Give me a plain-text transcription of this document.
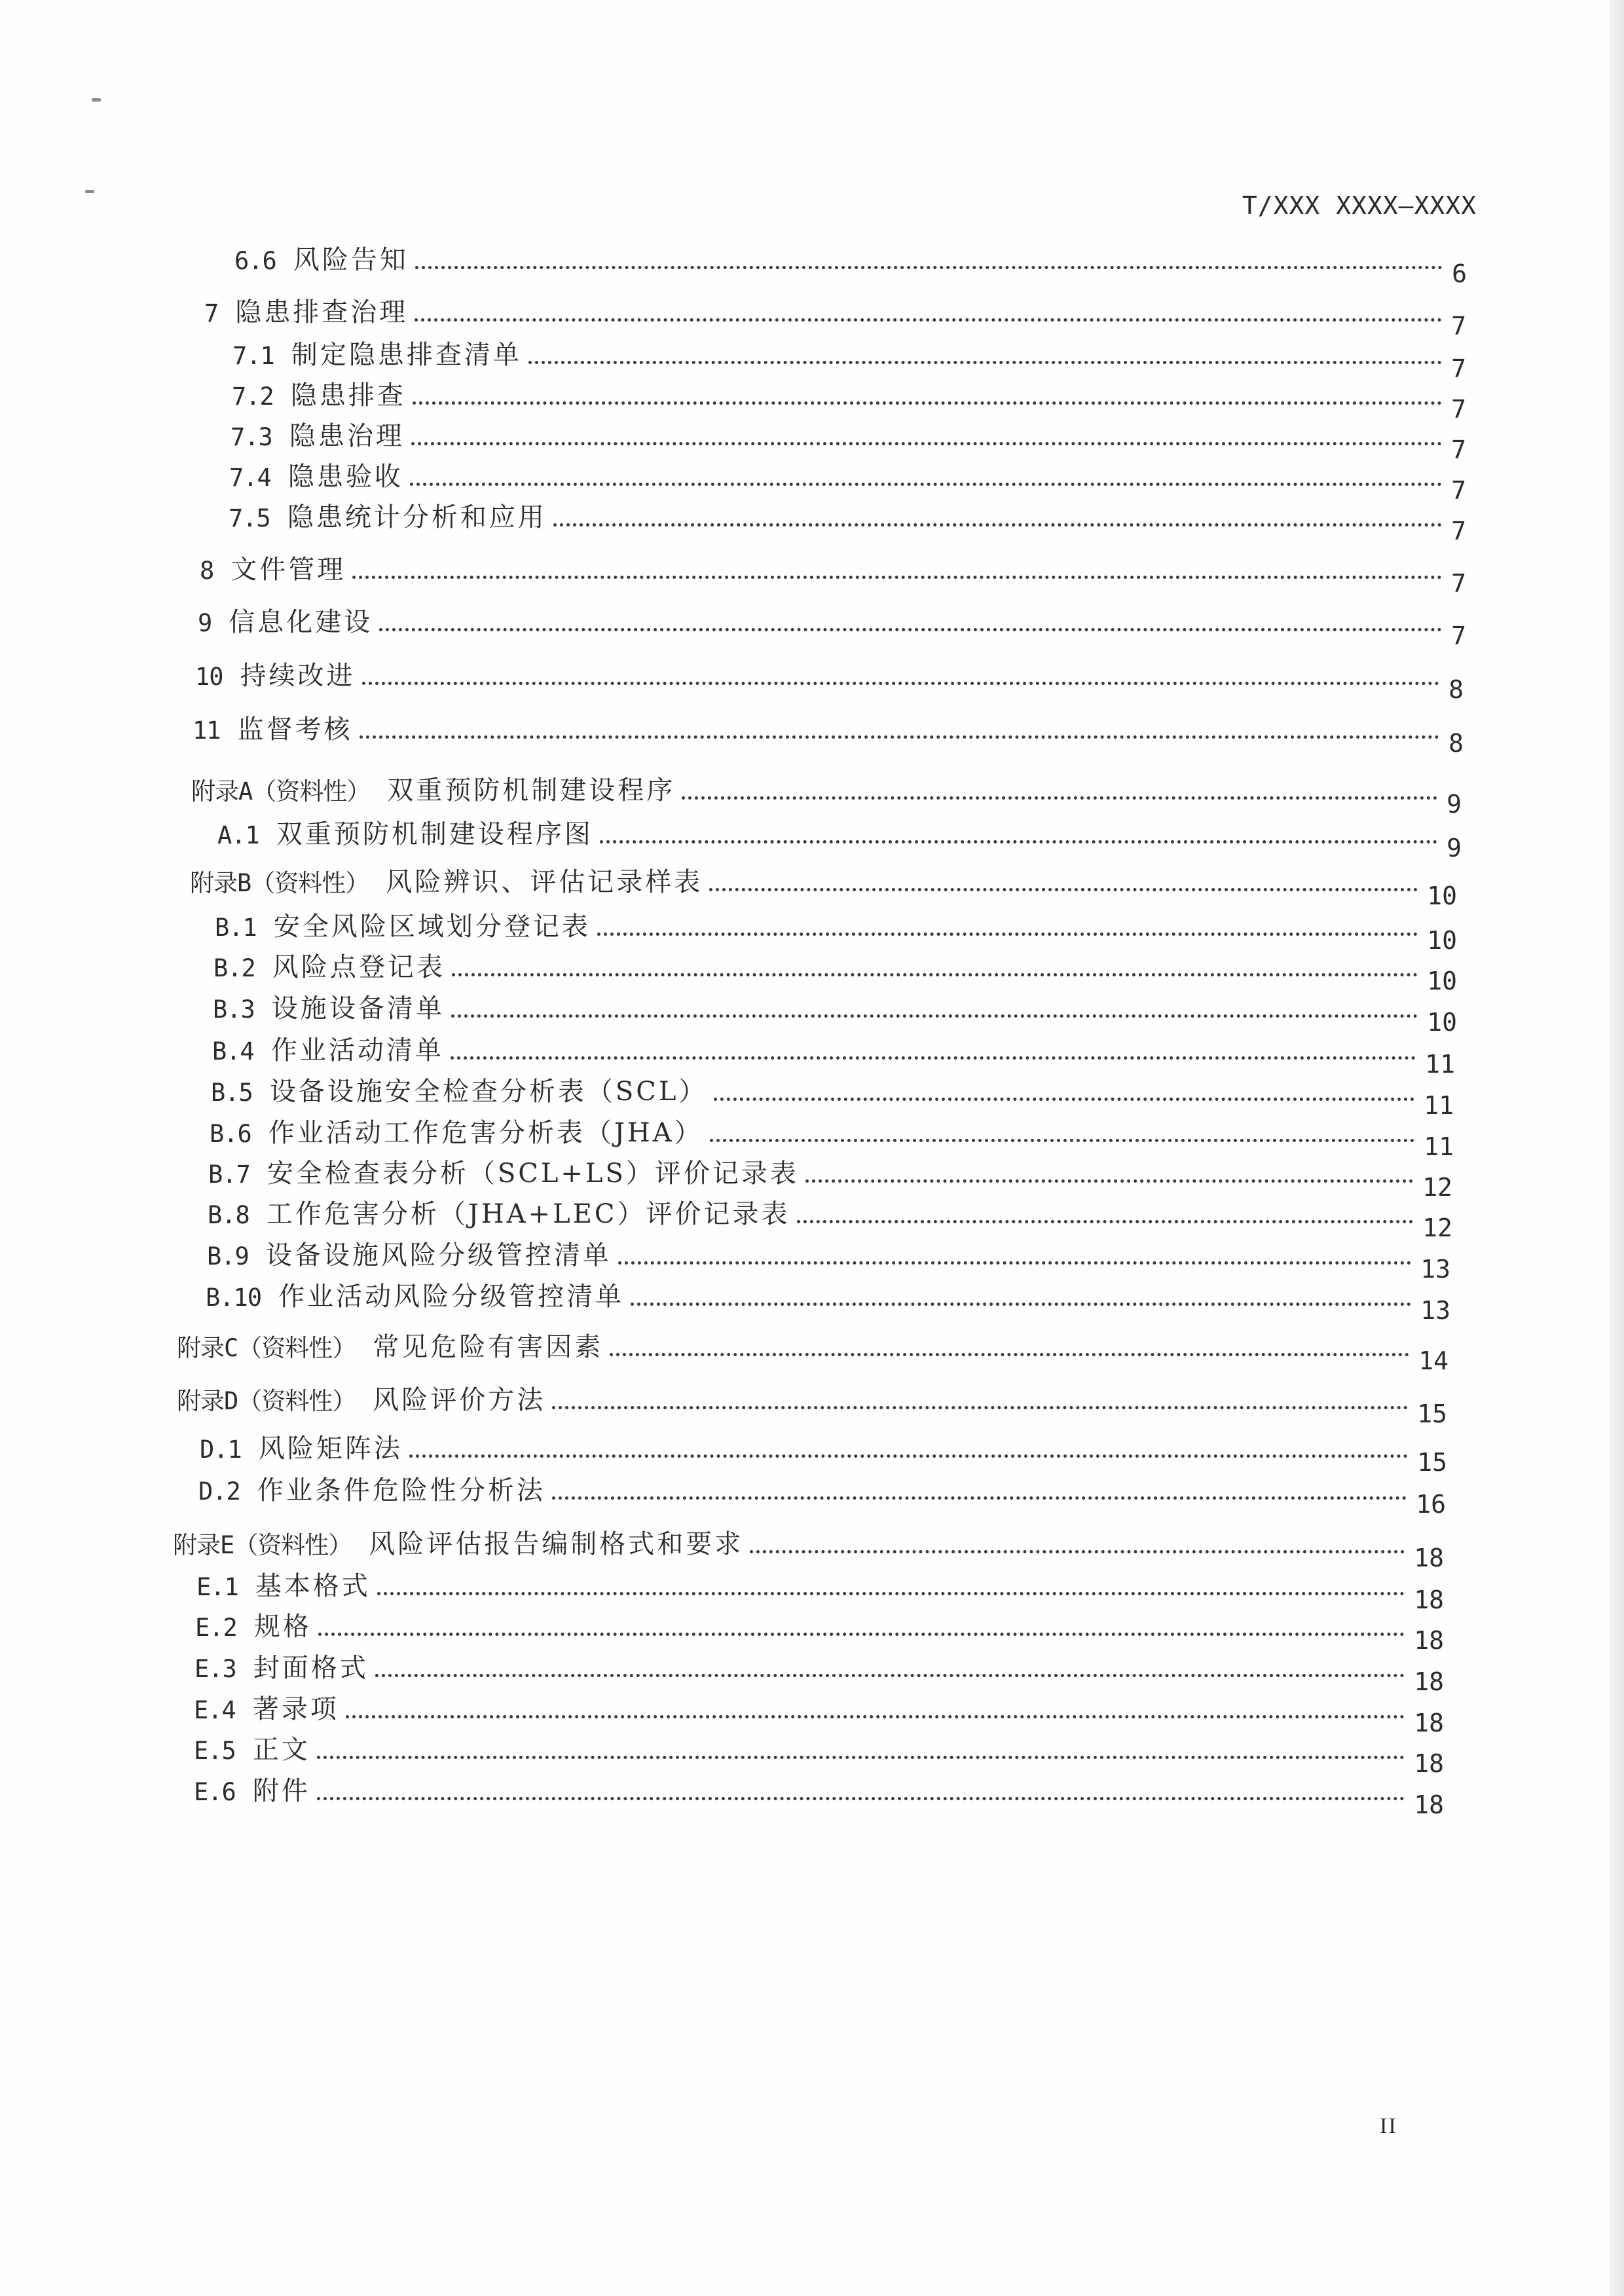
T/XXX XXXX—XXXX
6.6 风险告知	6
7 隐患排查治理	7
7.1 制定隐患排查清单	7
7.2 隐患排查	7
7.3 隐患治理	7
7.4 隐患验收	7
7.5 隐患统计分析和应用	7
8 文件管理	7
9 信息化建设	7
10 持续改进	8
11 监督考核	8
附录A（资料性） 双重预防机制建设程序	9
A.1 双重预防机制建设程序图	9
附录B（资料性） 风险辨识、评估记录样表	10
B.1 安全风险区域划分登记表	10
B.2 风险点登记表	10
B.3 设施设备清单	10
B.4 作业活动清单	11
B.5 设备设施安全检查分析表（SCL）	11
B.6 作业活动工作危害分析表（JHA）	11
B.7 安全检查表分析（SCL+LS）评价记录表	12
B.8 工作危害分析（JHA+LEC）评价记录表	12
B.9 设备设施风险分级管控清单	13
B.10 作业活动风险分级管控清单	13
附录C（资料性） 常见危险有害因素	14
附录D（资料性） 风险评价方法	15
D.1 风险矩阵法	15
D.2 作业条件危险性分析法	16
附录E（资料性） 风险评估报告编制格式和要求	18
E.1 基本格式	18
E.2 规格	18
E.3 封面格式	18
E.4 著录项	18
E.5 正文	18
E.6 附件	18
II
